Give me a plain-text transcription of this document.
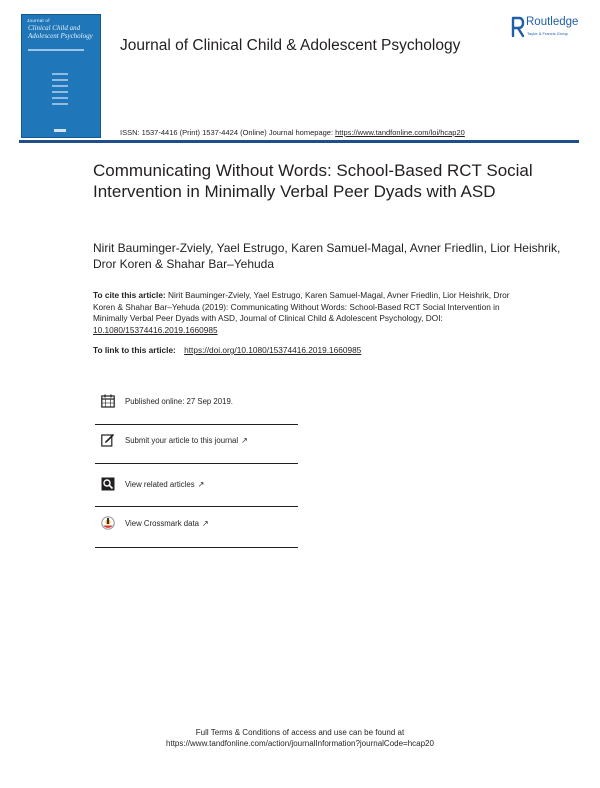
Journal of
Clinical Child and Adolescent Psychology
Journal of Clinical Child & Adolescent Psychology
Routledge
Taylor & Francis Group
ISSN: 1537-4416 (Print) 1537-4424 (Online) Journal homepage: https://www.tandfonline.com/loi/hcap20
Communicating Without Words: School-Based RCT Social Intervention in Minimally Verbal Peer Dyads with ASD
Nirit Bauminger-Zviely, Yael Estrugo, Karen Samuel-Magal, Avner Friedlin, Lior Heishrik, Dror Koren & Shahar Bar–Yehuda
To cite this article: Nirit Bauminger-Zviely, Yael Estrugo, Karen Samuel-Magal, Avner Friedlin, Lior Heishrik, Dror Koren & Shahar Bar–Yehuda (2019): Communicating Without Words: School-Based RCT Social Intervention in Minimally Verbal Peer Dyads with ASD, Journal of Clinical Child & Adolescent Psychology, DOI: 10.1080/15374416.2019.1660985
To link to this article: https://doi.org/10.1080/15374416.2019.1660985
Published online: 27 Sep 2019.
Submit your article to this journal ↗
View related articles ↗
View Crossmark data ↗
Full Terms & Conditions of access and use can be found at
https://www.tandfonline.com/action/journalInformation?journalCode=hcap20
